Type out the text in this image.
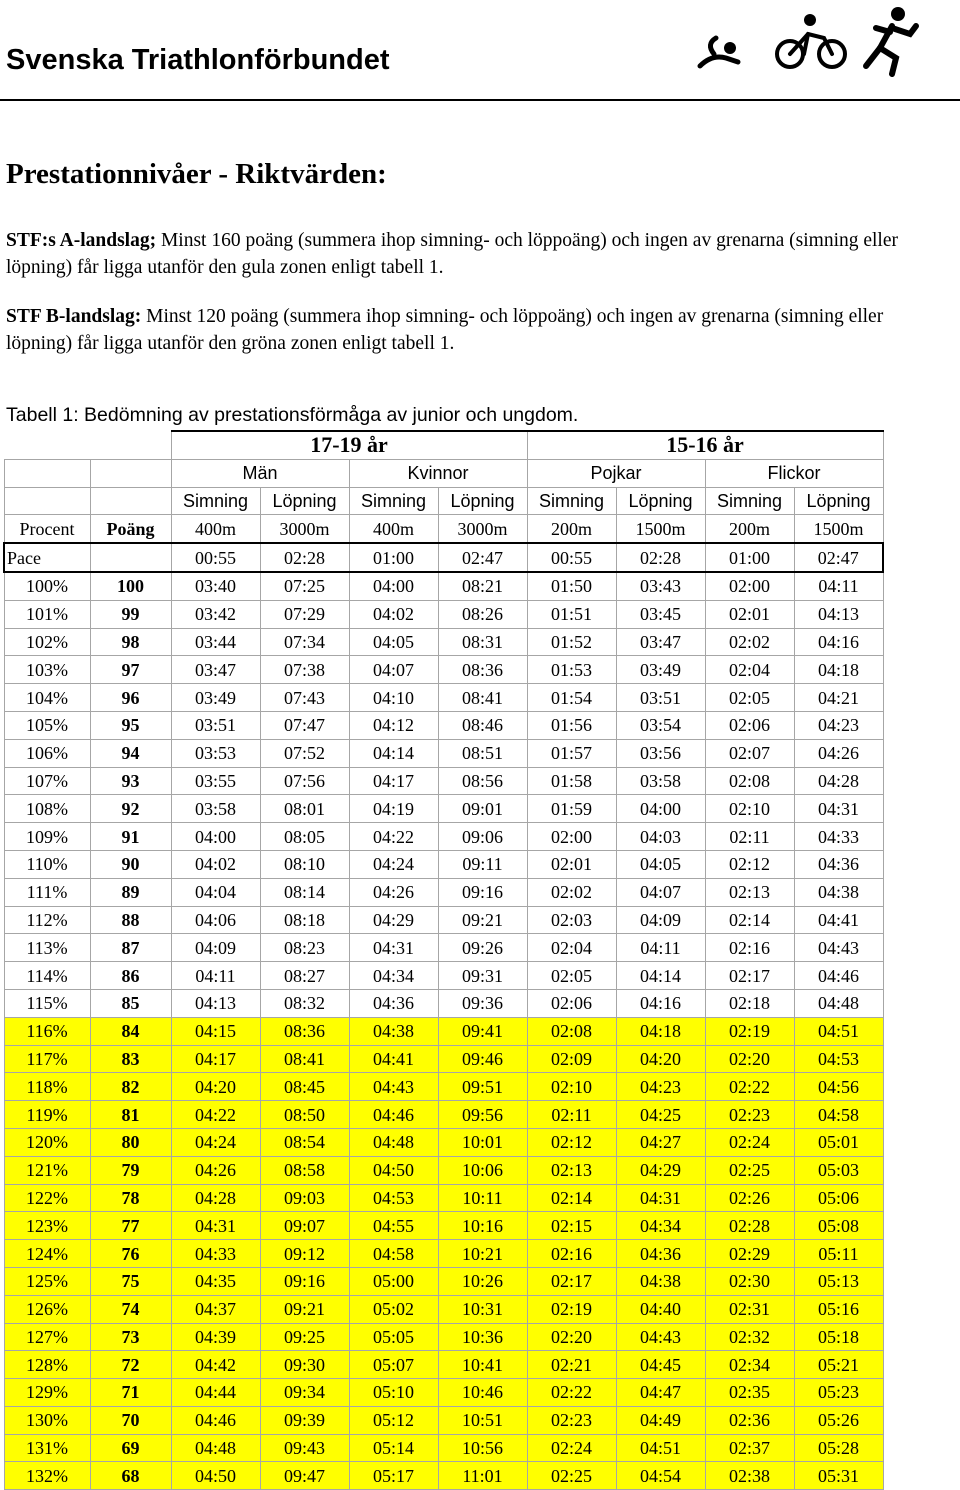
Svenska Triathlonförbundet
Prestationnivåer - Riktvärden:
STF:s A-landslag; Minst 160 poäng (summera ihop simning- och löppoäng) och ingen av grenarna (simning eller löpning) får ligga utanför den gula zonen enligt tabell 1.
STF B-landslag: Minst 120 poäng (summera ihop simning- och löppoäng) och ingen av grenarna (simning eller löpning) får ligga utanför den gröna zonen enligt tabell 1.
Tabell 1: Bedömning av prestationsförmåga av junior och ungdom.
		17-19 år				15-16 år			
		Män		Kvinnor		Pojkar		Flickor	
		Simning	Löpning	Simning	Löpning	Simning	Löpning	Simning	Löpning
Procent	Poäng	400m	3000m	400m	3000m	200m	1500m	200m	1500m
Pace		00:55	02:28	01:00	02:47	00:55	02:28	01:00	02:47
100%	100	03:40	07:25	04:00	08:21	01:50	03:43	02:00	04:11
101%	99	03:42	07:29	04:02	08:26	01:51	03:45	02:01	04:13
102%	98	03:44	07:34	04:05	08:31	01:52	03:47	02:02	04:16
103%	97	03:47	07:38	04:07	08:36	01:53	03:49	02:04	04:18
104%	96	03:49	07:43	04:10	08:41	01:54	03:51	02:05	04:21
105%	95	03:51	07:47	04:12	08:46	01:56	03:54	02:06	04:23
106%	94	03:53	07:52	04:14	08:51	01:57	03:56	02:07	04:26
107%	93	03:55	07:56	04:17	08:56	01:58	03:58	02:08	04:28
108%	92	03:58	08:01	04:19	09:01	01:59	04:00	02:10	04:31
109%	91	04:00	08:05	04:22	09:06	02:00	04:03	02:11	04:33
110%	90	04:02	08:10	04:24	09:11	02:01	04:05	02:12	04:36
111%	89	04:04	08:14	04:26	09:16	02:02	04:07	02:13	04:38
112%	88	04:06	08:18	04:29	09:21	02:03	04:09	02:14	04:41
113%	87	04:09	08:23	04:31	09:26	02:04	04:11	02:16	04:43
114%	86	04:11	08:27	04:34	09:31	02:05	04:14	02:17	04:46
115%	85	04:13	08:32	04:36	09:36	02:06	04:16	02:18	04:48
116%	84	04:15	08:36	04:38	09:41	02:08	04:18	02:19	04:51
117%	83	04:17	08:41	04:41	09:46	02:09	04:20	02:20	04:53
118%	82	04:20	08:45	04:43	09:51	02:10	04:23	02:22	04:56
119%	81	04:22	08:50	04:46	09:56	02:11	04:25	02:23	04:58
120%	80	04:24	08:54	04:48	10:01	02:12	04:27	02:24	05:01
121%	79	04:26	08:58	04:50	10:06	02:13	04:29	02:25	05:03
122%	78	04:28	09:03	04:53	10:11	02:14	04:31	02:26	05:06
123%	77	04:31	09:07	04:55	10:16	02:15	04:34	02:28	05:08
124%	76	04:33	09:12	04:58	10:21	02:16	04:36	02:29	05:11
125%	75	04:35	09:16	05:00	10:26	02:17	04:38	02:30	05:13
126%	74	04:37	09:21	05:02	10:31	02:19	04:40	02:31	05:16
127%	73	04:39	09:25	05:05	10:36	02:20	04:43	02:32	05:18
128%	72	04:42	09:30	05:07	10:41	02:21	04:45	02:34	05:21
129%	71	04:44	09:34	05:10	10:46	02:22	04:47	02:35	05:23
130%	70	04:46	09:39	05:12	10:51	02:23	04:49	02:36	05:26
131%	69	04:48	09:43	05:14	10:56	02:24	04:51	02:37	05:28
132%	68	04:50	09:47	05:17	11:01	02:25	04:54	02:38	05:31
